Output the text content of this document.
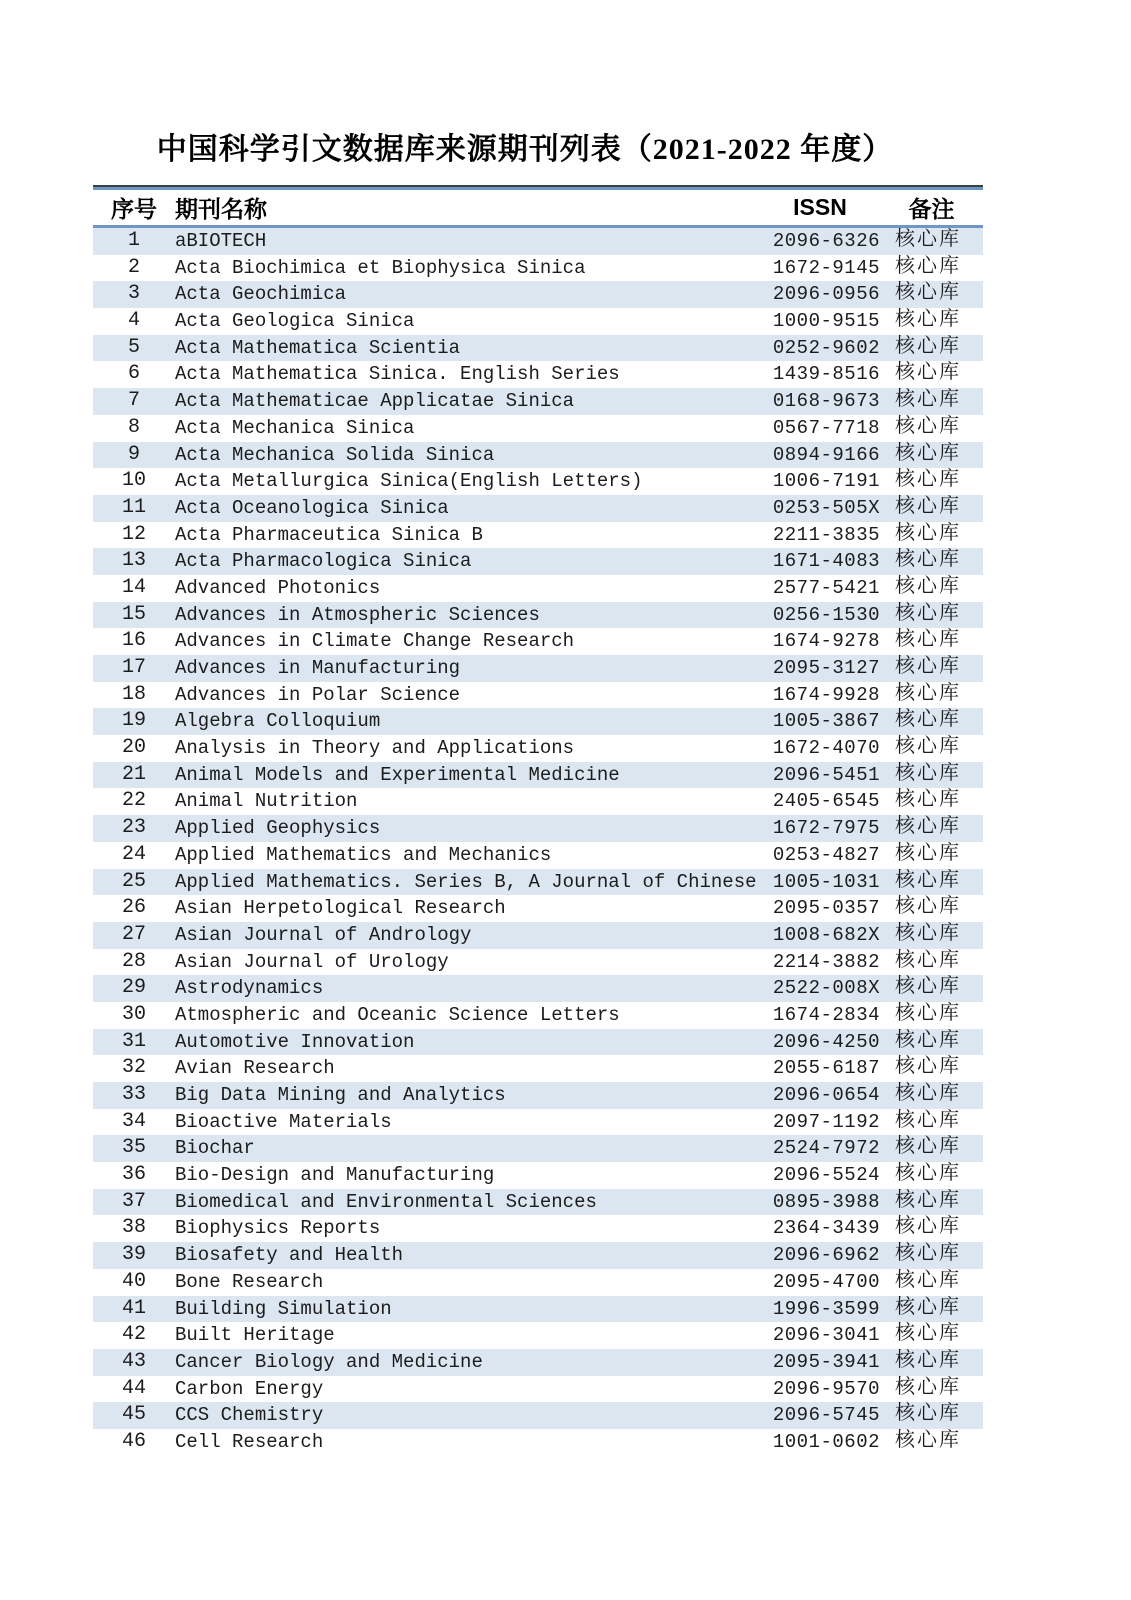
中国科学引文数据库来源期刊列表（2021-2022 年度）
序号 期刊名称	ISSN	备注
1	aBIOTECH	2096-6326 核心库
2	Acta Biochimica et Biophysica Sinica	1672-9145 核心库
3	Acta Geochimica	2096-0956 核心库
4	Acta Geologica Sinica	1000-9515 核心库
5	Acta Mathematica Scientia	0252-9602 核心库
6	Acta Mathematica Sinica. English Series	1439-8516 核心库
7	Acta Mathematicae Applicatae Sinica	0168-9673 核心库
8	Acta Mechanica Sinica	0567-7718 核心库
9	Acta Mechanica Solida Sinica	0894-9166 核心库
10	Acta Metallurgica Sinica(English Letters)	1006-7191 核心库
11	Acta Oceanologica Sinica	0253-505X 核心库
12	Acta Pharmaceutica Sinica B	2211-3835 核心库
13	Acta Pharmacologica Sinica	1671-4083 核心库
14	Advanced Photonics	2577-5421 核心库
15	Advances in Atmospheric Sciences	0256-1530 核心库
16	Advances in Climate Change Research	1674-9278 核心库
17	Advances in Manufacturing	2095-3127 核心库
18	Advances in Polar Science	1674-9928 核心库
19	Algebra Colloquium	1005-3867 核心库
20	Analysis in Theory and Applications	1672-4070 核心库
21	Animal Models and Experimental Medicine	2096-5451 核心库
22	Animal Nutrition	2405-6545 核心库
23	Applied Geophysics	1672-7975 核心库
24	Applied Mathematics and Mechanics	0253-4827 核心库
25	Applied Mathematics. Series B, A Journal of Chinese 1005-1031 核心库
26	Asian Herpetological Research	2095-0357 核心库
27	Asian Journal of Andrology	1008-682X 核心库
28	Asian Journal of Urology	2214-3882 核心库
29	Astrodynamics	2522-008X 核心库
30	Atmospheric and Oceanic Science Letters	1674-2834 核心库
31	Automotive Innovation	2096-4250 核心库
32	Avian Research	2055-6187 核心库
33	Big Data Mining and Analytics	2096-0654 核心库
34	Bioactive Materials	2097-1192 核心库
35	Biochar	2524-7972 核心库
36	Bio-Design and Manufacturing	2096-5524 核心库
37	Biomedical and Environmental Sciences	0895-3988 核心库
38	Biophysics Reports	2364-3439 核心库
39	Biosafety and Health	2096-6962 核心库
40	Bone Research	2095-4700 核心库
41	Building Simulation	1996-3599 核心库
42	Built Heritage	2096-3041 核心库
43	Cancer Biology and Medicine	2095-3941 核心库
44	Carbon Energy	2096-9570 核心库
45	CCS Chemistry	2096-5745 核心库
46	Cell Research	1001-0602 核心库
